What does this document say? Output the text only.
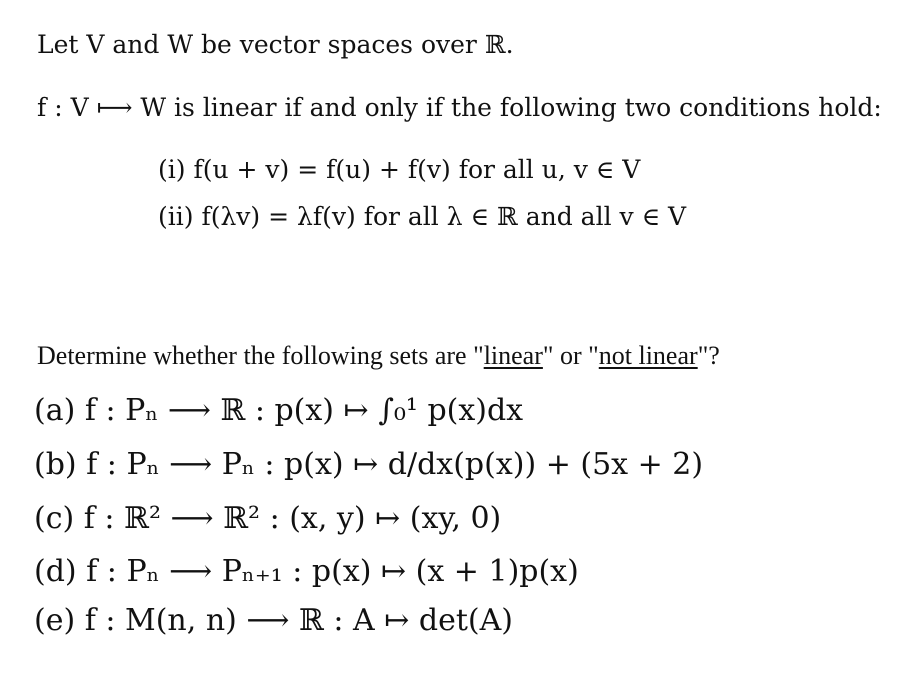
Let V and W be vector spaces over ℝ.
f : V ⟼ W is linear if and only if the following two conditions hold:
(i) f(u + v) = f(u) + f(v) for all u, v ∈ V
(ii) f(λv) = λf(v) for all λ ∈ ℝ and all v ∈ V
Determine whether the following sets are "linear" or "not linear"?
(a) f : Pₙ ⟶ ℝ : p(x) ↦ ∫₀¹ p(x)dx
(b) f : Pₙ ⟶ Pₙ : p(x) ↦ d/dx(p(x)) + (5x + 2)
(c) f : ℝ² ⟶ ℝ² : (x, y) ↦ (xy, 0)
(d) f : Pₙ ⟶ Pₙ₊₁ : p(x) ↦ (x + 1)p(x)
(e) f : M(n, n) ⟶ ℝ : A ↦ det(A)
